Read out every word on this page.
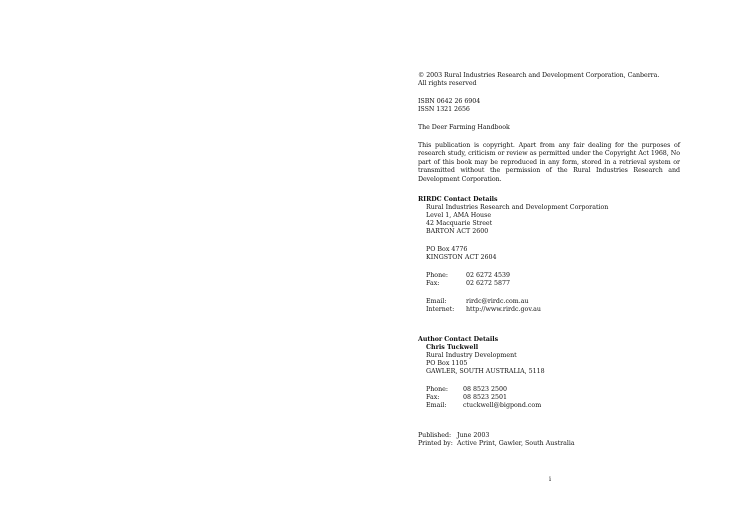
© 2003 Rural Industries Research and Development Corporation, Canberra.
All rights reserved
ISBN 0642 26 6904
ISSN 1321 2656
The Deer Farming Handbook
This publication is copyright. Apart from any fair dealing for the purposes of research study, criticism or review as permitted under the Copyright Act 1968, No part of this book may be reproduced in any form, stored in a retrieval system or transmitted without the permission of the Rural Industries Research and Development Corporation.
RIRDC Contact Details
Rural Industries Research and Development Corporation
Level 1, AMA House
42 Macquarie Street
BARTON ACT 2600
PO Box 4776
KINGSTON ACT 2604
Phone:	02 6272 4539
Fax:	02 6272 5877
Email:	rirdc@rirdc.com.au
Internet: http://www.rirdc.gov.au
Author Contact Details
Chris Tuckwell
Rural Industry Development
PO Box 1105
GAWLER, SOUTH AUSTRALIA, 5118
Phone: 08 8523 2500
Fax:	08 8523 2501
Email:	ctuckwell@bigpond.com
Published: June 2003
Printed by: Active Print, Gawler, South Australia
i
